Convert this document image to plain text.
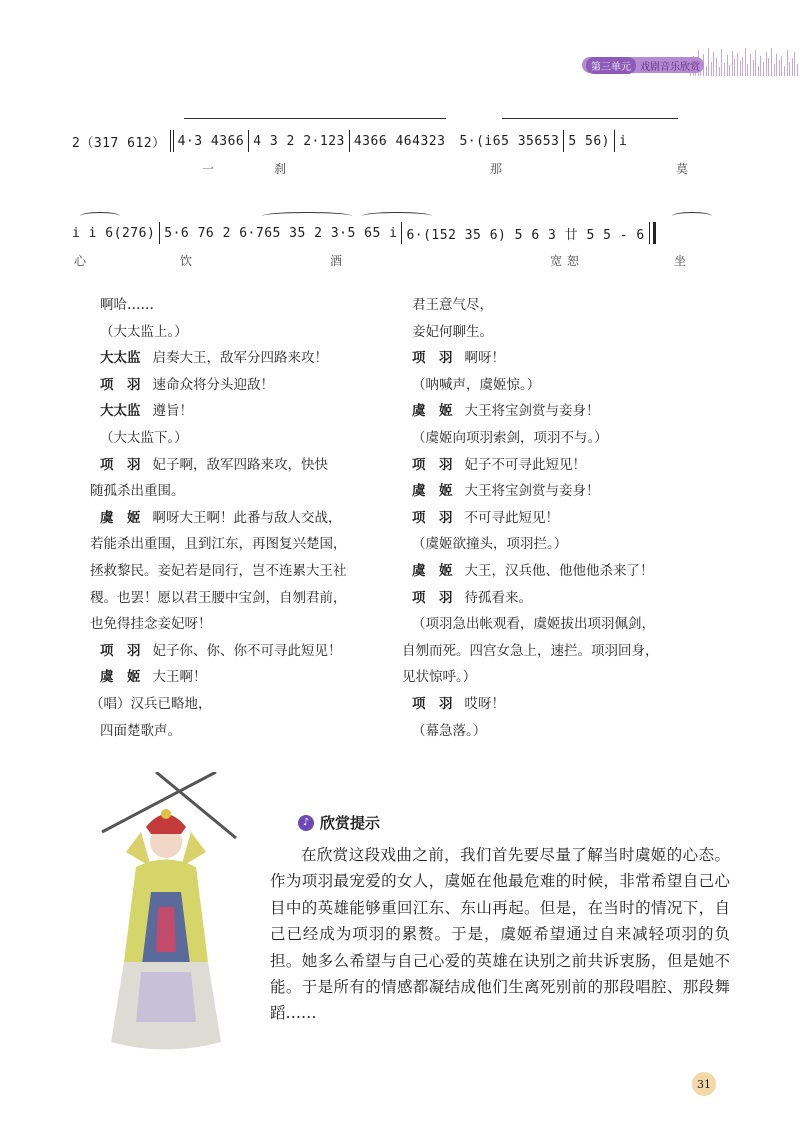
第三单元 戏剧音乐欣赏
2（317 612） 4·3 4366 4 3 2 2·123 4366 464323 5·(i65 35653 5 56) i
一	刹	那	莫
i i 6(276) 5·6 76 2 6·765 35 2 3·5 65 i 6·(152 35 6) 5 6 3 廿 5 5 - 6
心	饮	酒	宽 恕	坐
啊哈……
（大太监上。）
大太监 启奏大王，敌军分四路来攻！
项　羽 速命众将分头迎敌！
大太监 遵旨！
（大太监下。）
项　羽 妃子啊，敌军四路来攻，快快
随孤杀出重围。
虞　姬 啊呀大王啊！此番与敌人交战，
若能杀出重围，且到江东，再图复兴楚国，
拯救黎民。妾妃若是同行，岂不连累大王社
稷。也罢！愿以君王腰中宝剑，自刎君前，
也免得挂念妾妃呀！
项　羽 妃子你、你、你不可寻此短见！
虞　姬 大王啊！
（唱）汉兵已略地，
四面楚歌声。
君王意气尽，
妾妃何聊生。
项　羽 啊呀！
（呐喊声，虞姬惊。）
虞　姬 大王将宝剑赏与妾身！
（虞姬向项羽索剑，项羽不与。）
项　羽 妃子不可寻此短见！
虞　姬 大王将宝剑赏与妾身！
项　羽 不可寻此短见！
（虞姬欲撞头，项羽拦。）
虞　姬 大王，汉兵他、他他他杀来了！
项　羽 待孤看来。
（项羽急出帐观看，虞姬拔出项羽佩剑，
自刎而死。四宫女急上，速拦。项羽回身，
见状惊呼。）
项　羽 哎呀！
（幕急落。）
♪ 欣赏提示
在欣赏这段戏曲之前，我们首先要尽量了解当时虞姬的心态。作为项羽最宠爱的女人，虞姬在他最危难的时候，非常希望自己心目中的英雄能够重回江东、东山再起。但是，在当时的情况下，自己已经成为项羽的累赘。于是，虞姬希望通过自来减轻项羽的负担。她多么希望与自己心爱的英雄在诀别之前共诉衷肠，但是她不能。于是所有的情感都凝结成他们生离死别前的那段唱腔、那段舞蹈……
31
